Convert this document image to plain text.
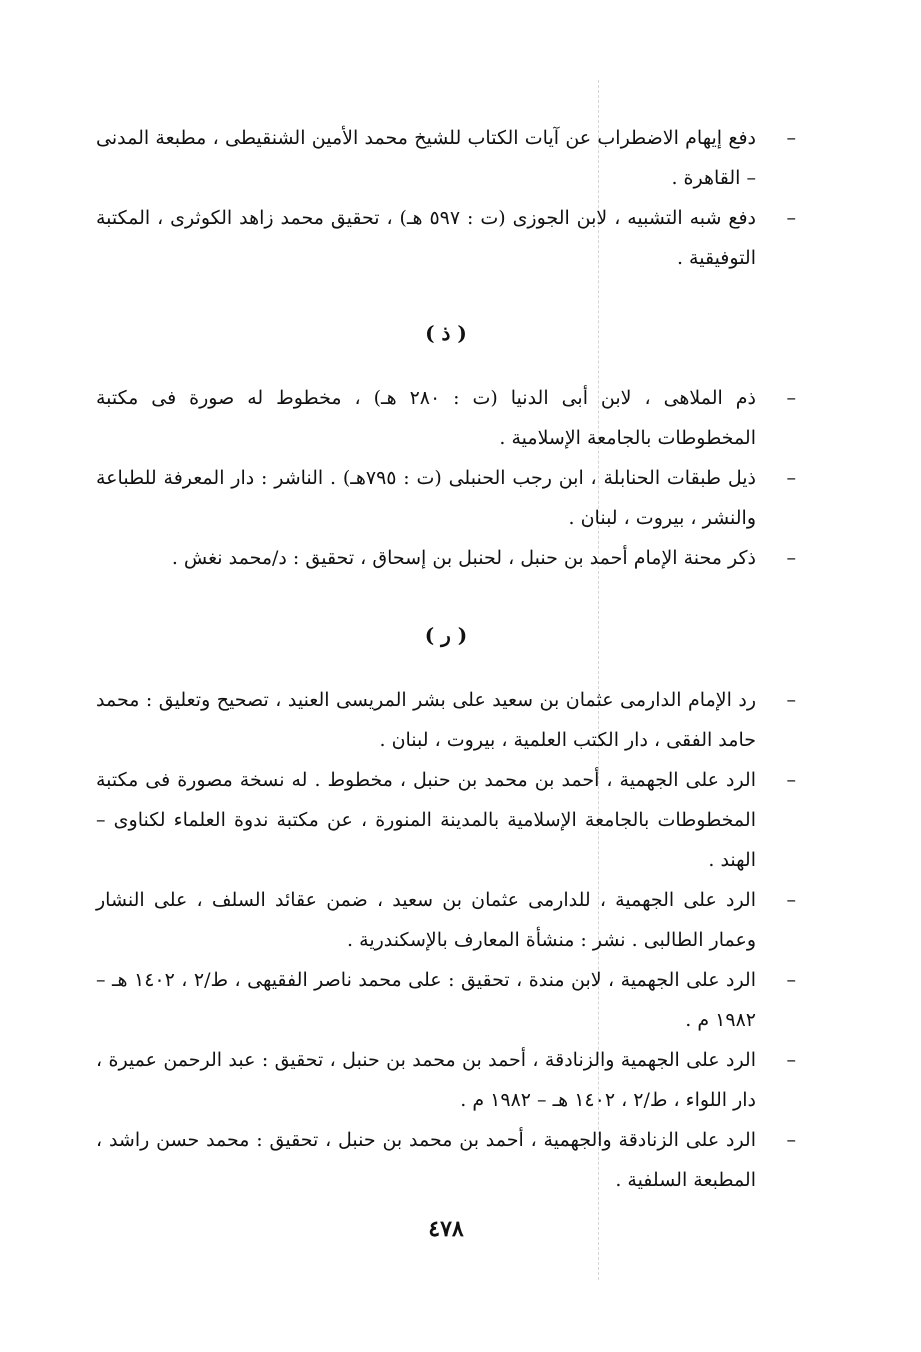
–
دفع إيهام الاضطراب عن آيات الكتاب للشيخ محمد الأمين الشنقيطى ، مطبعة المدنى – القاهرة .
–
دفع شبه التشبيه ، لابن الجوزى (ت : ٥٩٧ هـ) ، تحقيق محمد زاهد الكوثرى ، المكتبة التوفيقية .
( ذ )
–
ذم الملاهى ، لابن أبى الدنيا (ت : ٢٨٠ هـ) ، مخطوط له صورة فى مكتبة المخطوطات بالجامعة الإسلامية .
–
ذيل طبقات الحنابلة ، ابن رجب الحنبلى (ت : ٧٩٥هـ) . الناشر : دار المعرفة للطباعة والنشر ، بيروت ، لبنان .
–
ذكر محنة الإمام أحمد بن حنبل ، لحنبل بن إسحاق ، تحقيق : د/محمد نغش .
( ر )
–
رد الإمام الدارمى عثمان بن سعيد على بشر المريسى العنيد ، تصحيح وتعليق : محمد حامد الفقى ، دار الكتب العلمية ، بيروت ، لبنان .
–
الرد على الجهمية ، أحمد بن محمد بن حنبل ، مخطوط . له نسخة مصورة فى مكتبة المخطوطات بالجامعة الإسلامية بالمدينة المنورة ، عن مكتبة ندوة العلماء لكناوى – الهند .
–
الرد على الجهمية ، للدارمى عثمان بن سعيد ، ضمن عقائد السلف ، على النشار وعمار الطالبى . نشر : منشأة المعارف بالإسكندرية .
–
الرد على الجهمية ، لابن مندة ، تحقيق : على محمد ناصر الفقيهى ، ط/٢ ، ١٤٠٢ هـ – ١٩٨٢ م .
–
الرد على الجهمية والزنادقة ، أحمد بن محمد بن حنبل ، تحقيق : عبد الرحمن عميرة ، دار اللواء ، ط/٢ ، ١٤٠٢ هـ – ١٩٨٢ م .
–
الرد على الزنادقة والجهمية ، أحمد بن محمد بن حنبل ، تحقيق : محمد حسن راشد ، المطبعة السلفية .
٤٧٨
